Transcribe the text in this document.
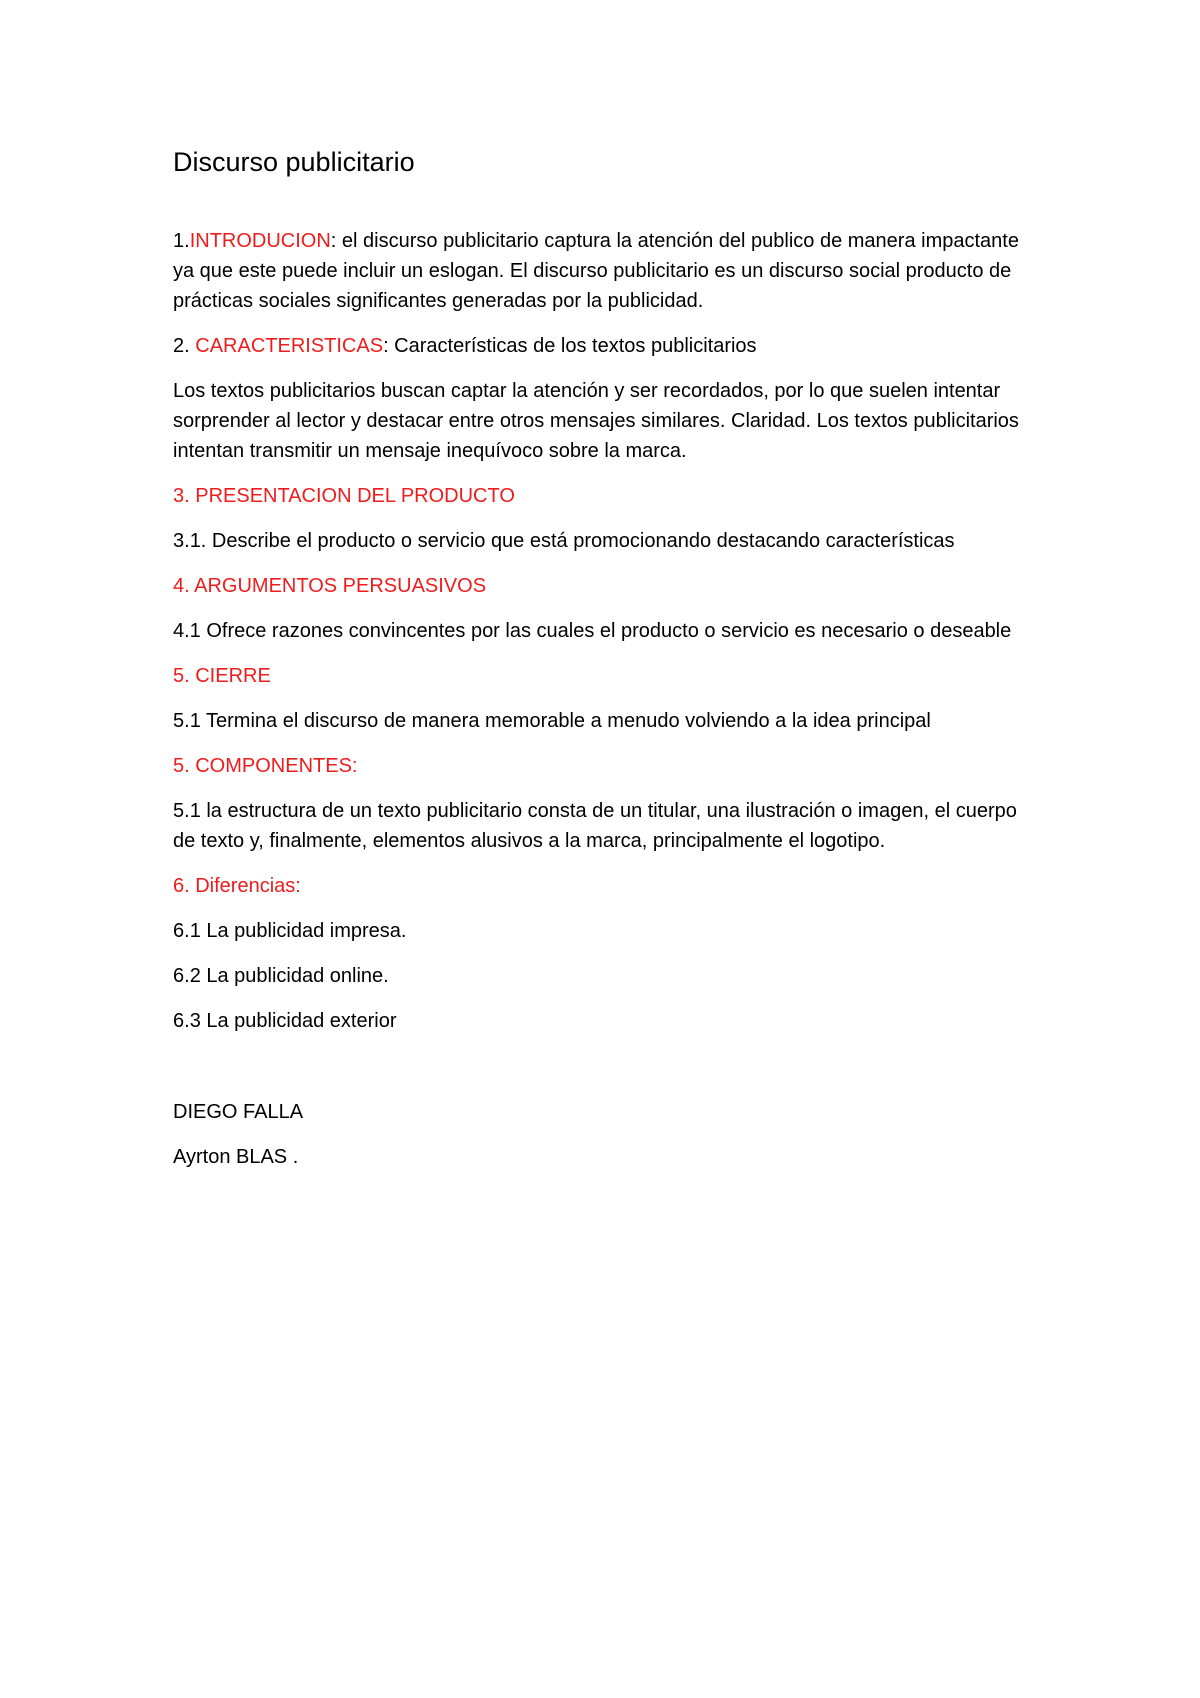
Discurso publicitario

1.INTRODUCION: el discurso publicitario captura la atención del publico de manera impactante ya que este puede incluir un eslogan. El discurso publicitario es un discurso social producto de prácticas sociales significantes generadas por la publicidad.

2. CARACTERISTICAS: Características de los textos publicitarios

Los textos publicitarios buscan captar la atención y ser recordados, por lo que suelen intentar sorprender al lector y destacar entre otros mensajes similares. Claridad. Los textos publicitarios intentan transmitir un mensaje inequívoco sobre la marca.

3. PRESENTACION DEL PRODUCTO

3.1. Describe el producto o servicio que está promocionando destacando características

4. ARGUMENTOS PERSUASIVOS

4.1 Ofrece razones convincentes por las cuales el producto o servicio es necesario o deseable

5. CIERRE

5.1 Termina el discurso de manera memorable a menudo volviendo a la idea principal

5. COMPONENTES:

5.1 la estructura de un texto publicitario consta de un titular, una ilustración o imagen, el cuerpo de texto y, finalmente, elementos alusivos a la marca, principalmente el logotipo.

6. Diferencias:

6.1 La publicidad impresa.

6.2 La publicidad online.

6.3 La publicidad exterior

DIEGO FALLA

Ayrton BLAS .
